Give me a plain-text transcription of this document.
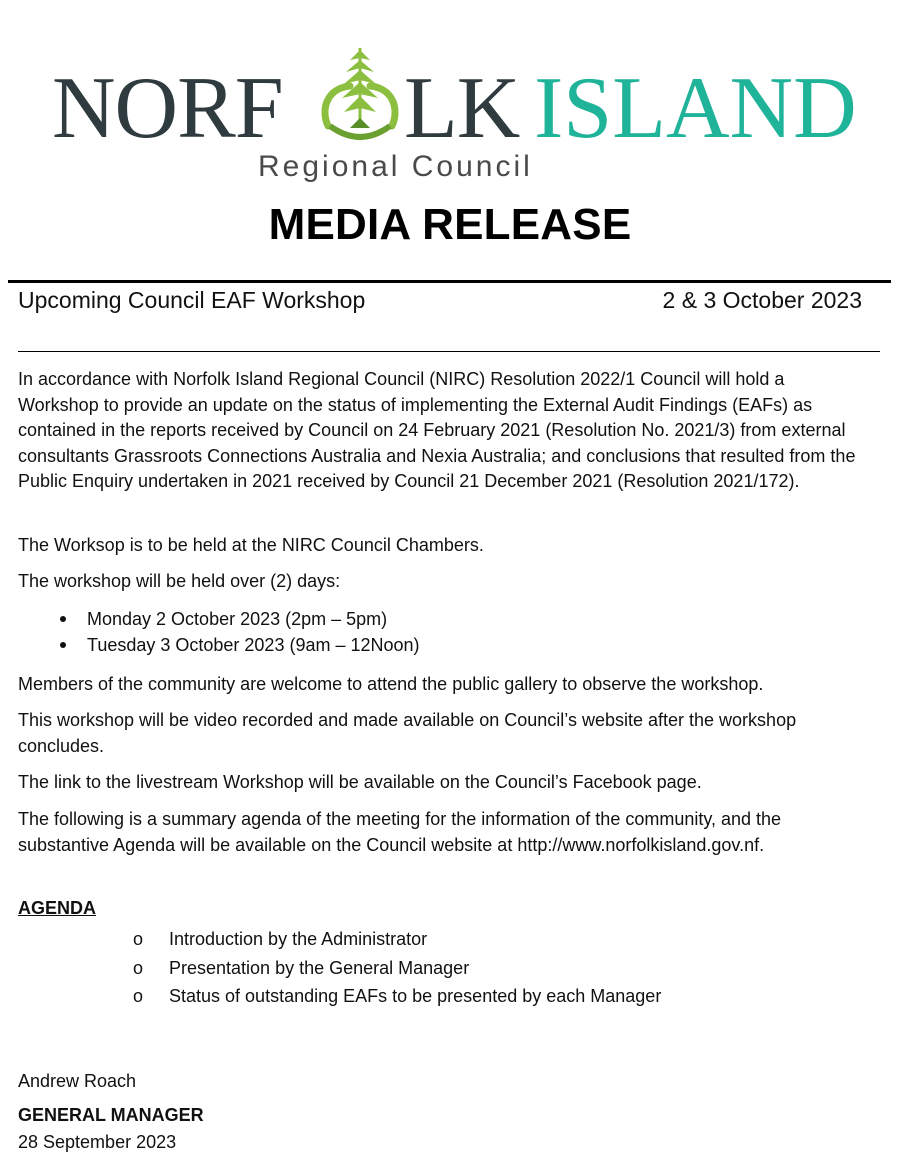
NORF LK ISLAND
Regional Council
MEDIA RELEASE
Upcoming Council EAF Workshop	2 & 3 October 2023

In accordance with Norfolk Island Regional Council (NIRC) Resolution 2022/1 Council will hold a Workshop to provide an update on the status of implementing the External Audit Findings (EAFs) as contained in the reports received by Council on 24 February 2021 (Resolution No. 2021/3) from external consultants Grassroots Connections Australia and Nexia Australia; and conclusions that resulted from the Public Enquiry undertaken in 2021 received by Council 21 December 2021 (Resolution 2021/172).

The Worksop is to be held at the NIRC Council Chambers.

The workshop will be held over (2) days:

Monday 2 October 2023 (2pm – 5pm)
Tuesday 3 October 2023 (9am – 12Noon)

Members of the community are welcome to attend the public gallery to observe the workshop.

This workshop will be video recorded and made available on Council’s website after the workshop concludes.

The link to the livestream Workshop will be available on the Council’s Facebook page.

The following is a summary agenda of the meeting for the information of the community, and the substantive Agenda will be available on the Council website at http://www.norfolkisland.gov.nf.

AGENDA
o Introduction by the Administrator
o Presentation by the General Manager
o Status of outstanding EAFs to be presented by each Manager
Andrew Roach
GENERAL MANAGER
28 September 2023
